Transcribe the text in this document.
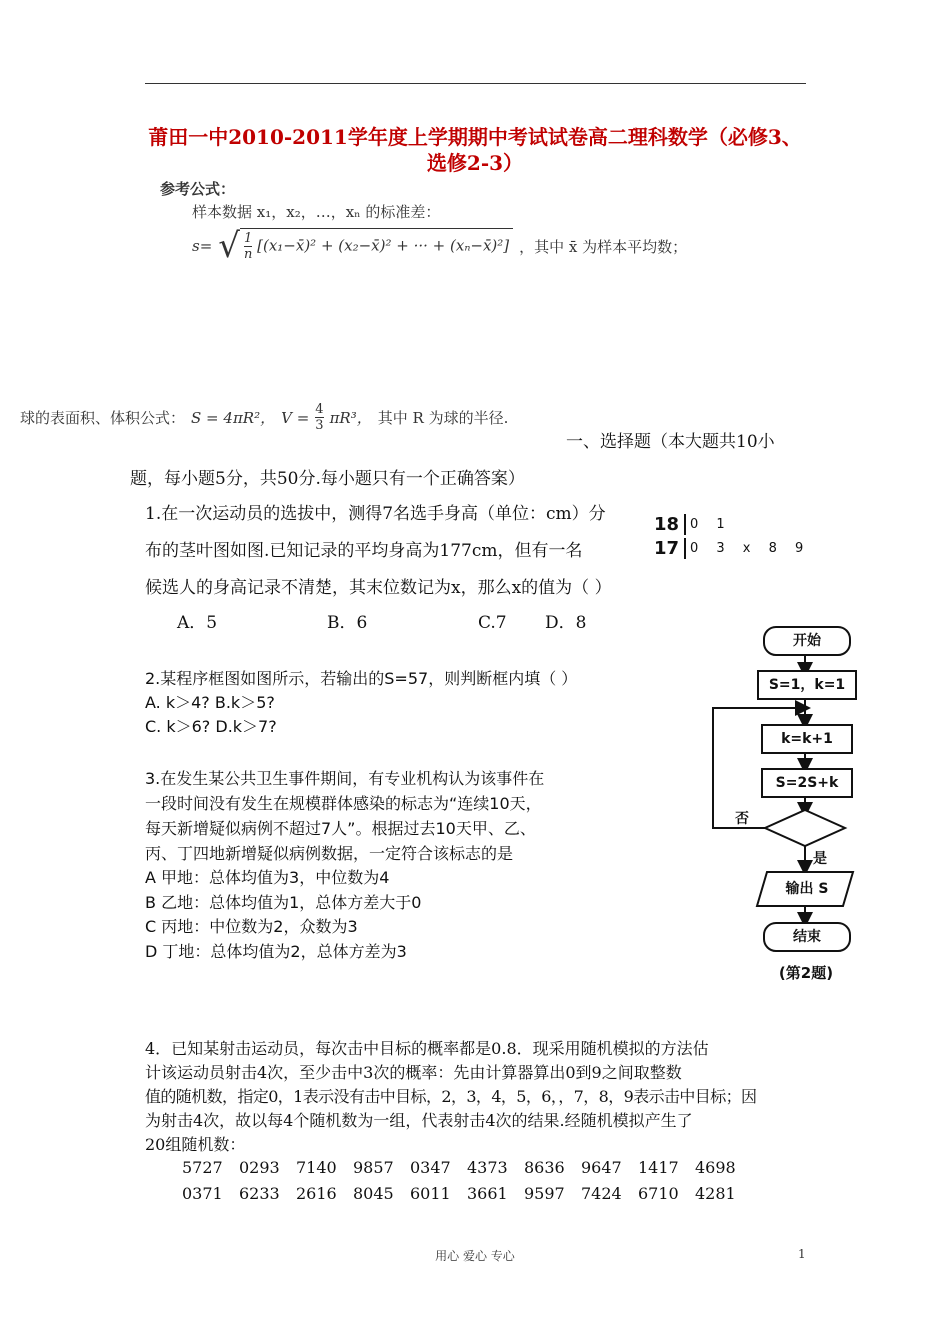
莆田一中2010-2011学年度上学期期中考试试卷高二理科数学（必修3、选修2-3）
参考公式：
样本数据 x₁，x₂，…，xₙ 的标准差：
s= √ $\frac{1}{n}$ [(x₁−x̄)² + (x₂−x̄)² + ··· + (xₙ−x̄)²] ，其中 x̄ 为样本平均数；
球的表面积、体积公式： S = 4πR²， $V = \frac{4}{3} \pi R^3$， 其中 R 为球的半径.
一、选择题（本大题共10小
题，每小题5分，共50分.每小题只有一个正确答案）
1.在一次运动员的选拔中，测得7名选手身高（单位：cm）分
布的茎叶图如图.已知记录的平均身高为177cm，但有一名
候选人的身高记录不清楚，其末位数记为x，那么x的值为（ ）
A．5	B．6	C.7 D．8
18 0 1
17 0 3 x 8 9
2.某程序框图如图所示，若输出的S=57，则判断框内填（ ）
A. k＞4? B.k＞5?
C. k＞6? D.k＞7?
开始
S=1，k=1
k=k+1
S=2S+k
否
是
输出 S
结束
(第2题)
3.在发生某公共卫生事件期间，有专业机构认为该事件在
一段时间没有发生在规模群体感染的标志为“连续10天，
每天新增疑似病例不超过7人”。根据过去10天甲、乙、
丙、丁四地新增疑似病例数据，一定符合该标志的是
A 甲地：总体均值为3，中位数为4
B 乙地：总体均值为1，总体方差大于0
C 丙地：中位数为2，众数为3
D 丁地：总体均值为2，总体方差为3
4．已知某射击运动员，每次击中目标的概率都是0.8．现采用随机模拟的方法估
计该运动员射击4次，至少击中3次的概率：先由计算器算出0到9之间取整数
值的随机数，指定0，1表示没有击中目标，2，3，4，5，6，，7，8，9表示击中目标；因
为射击4次，故以每4个随机数为一组，代表射击4次的结果.经随机模拟产生了
20组随机数：
5727 0293 7140 9857 0347 4373 8636 9647 1417 4698
0371 6233 2616 8045 6011 3661 9597 7424 6710 4281
用心 爱心 专心	1
